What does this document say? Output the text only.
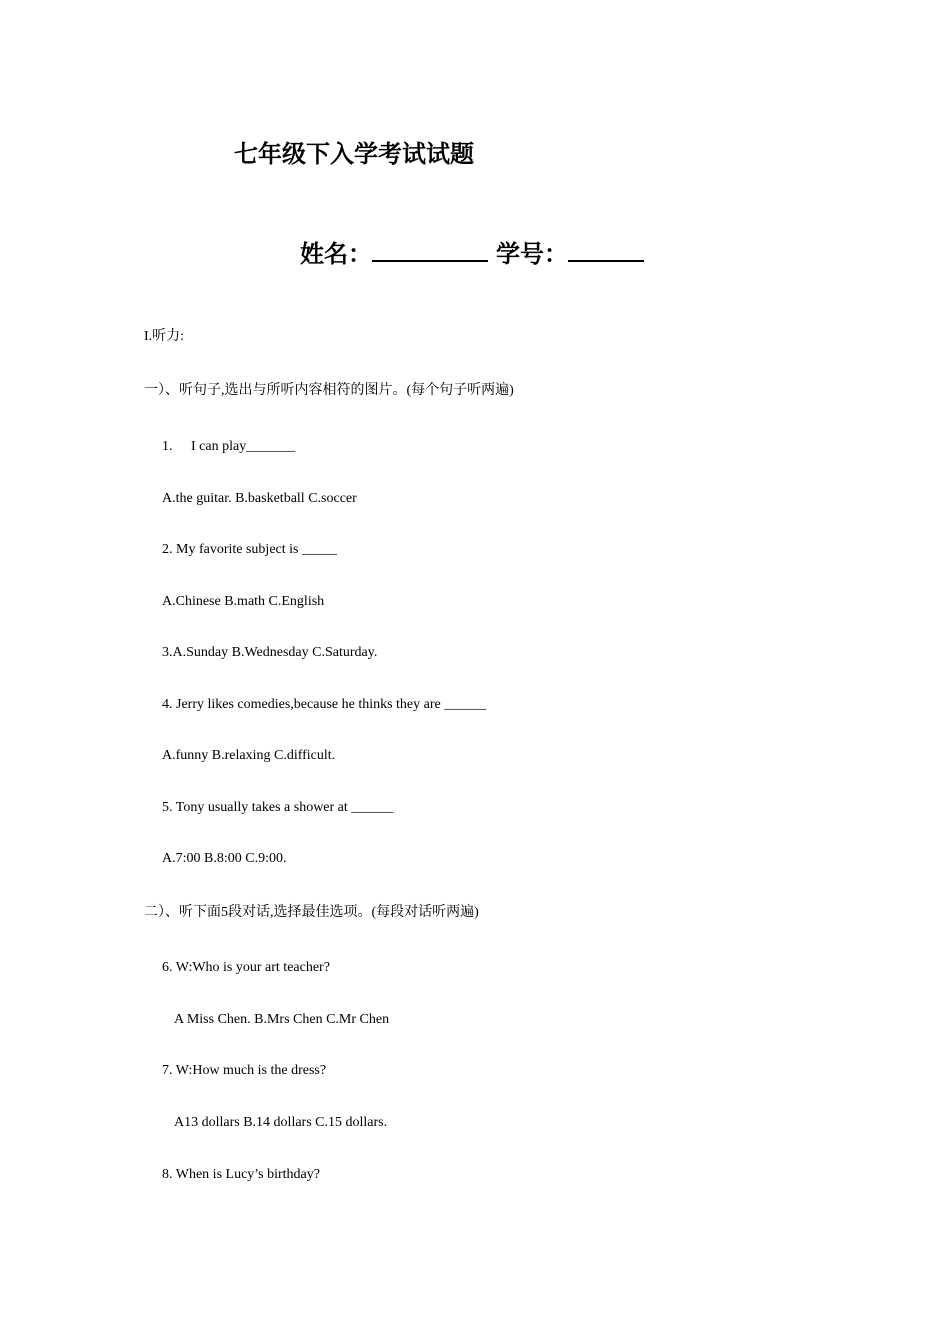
七年级下入学考试试题
姓名：	学号：
I.听力:
一）、听句子,选出与所听内容相符的图片。(每个句子听两遍)
1. I can play_______
A.the guitar. B.basketball C.soccer
2. My favorite subject is _____
A.Chinese B.math C.English
3.A.Sunday B.Wednesday C.Saturday.
4. Jerry likes comedies,because he thinks they are ______
A.funny B.relaxing C.difficult.
5. Tony usually takes a shower at ______
A.7:00 B.8:00 C.9:00.
二）、听下面5段对话,选择最佳选项。(每段对话听两遍)
6. W:Who is your art teacher?
A Miss Chen. B.Mrs Chen C.Mr Chen
7. W:How much is the dress?
A13 dollars B.14 dollars C.15 dollars.
8. When is Lucy’s birthday?
